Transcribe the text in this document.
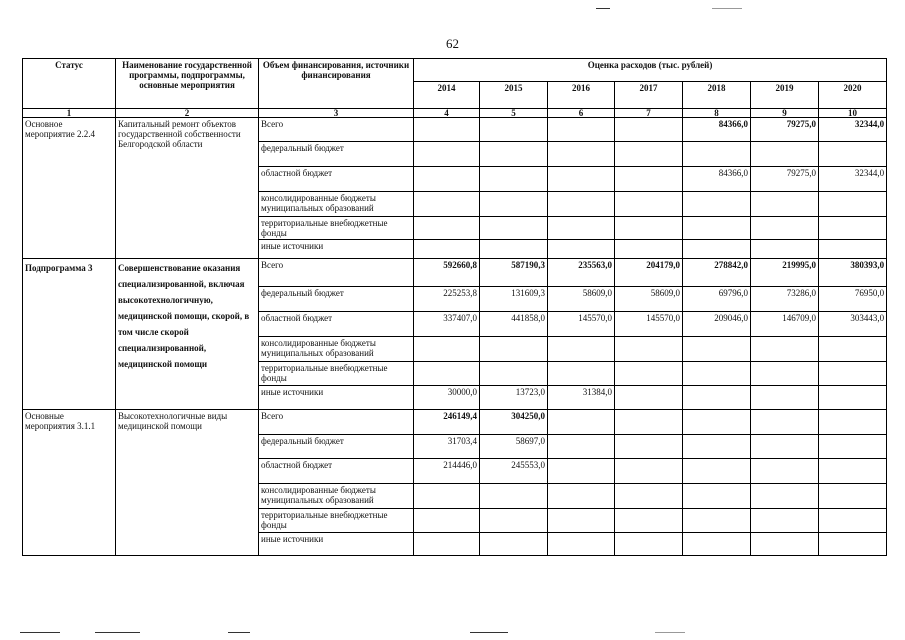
62
Статус	Наименование государственной программы, подпрограммы, основные мероприятия	Объем финансирования, источники финансирования	Оценка расходов (тыс. рублей)						
			2014	2015	2016	2017	2018	2019	2020
1	2	3	4	5	6	7	8	9	10
Основное мероприятие 2.2.4	Капитальный ремонт объектов государственной собственности Белгородской области	Всего					84366,0	79275,0	32344,0
		федеральный бюджет							
		областной бюджет					84366,0	79275,0	32344,0
		консолидированные бюджеты муниципальных образований							
		территориальные внебюджетные фонды							
		иные источники							
Подпрограмма 3	Совершенствование оказания специализированной, включая высокотехнологичную, медицинской помощи, скорой, в том числе скорой специализированной, медицинской помощи	Всего	592660,8	587190,3	235563,0	204179,0	278842,0	219995,0	380393,0
		федеральный бюджет	225253,8	131609,3	58609,0	58609,0	69796,0	73286,0	76950,0
		областной бюджет	337407,0	441858,0	145570,0	145570,0	209046,0	146709,0	303443,0
		консолидированные бюджеты муниципальных образований							
		территориальные внебюджетные фонды							
		иные источники	30000,0	13723,0	31384,0				
Основные мероприятия 3.1.1	Высокотехнологичные виды медицинской помощи	Всего	246149,4	304250,0					
		федеральный бюджет	31703,4	58697,0					
		областной бюджет	214446,0	245553,0					
		консолидированные бюджеты муниципальных образований							
		территориальные внебюджетные фонды							
		иные источники							
